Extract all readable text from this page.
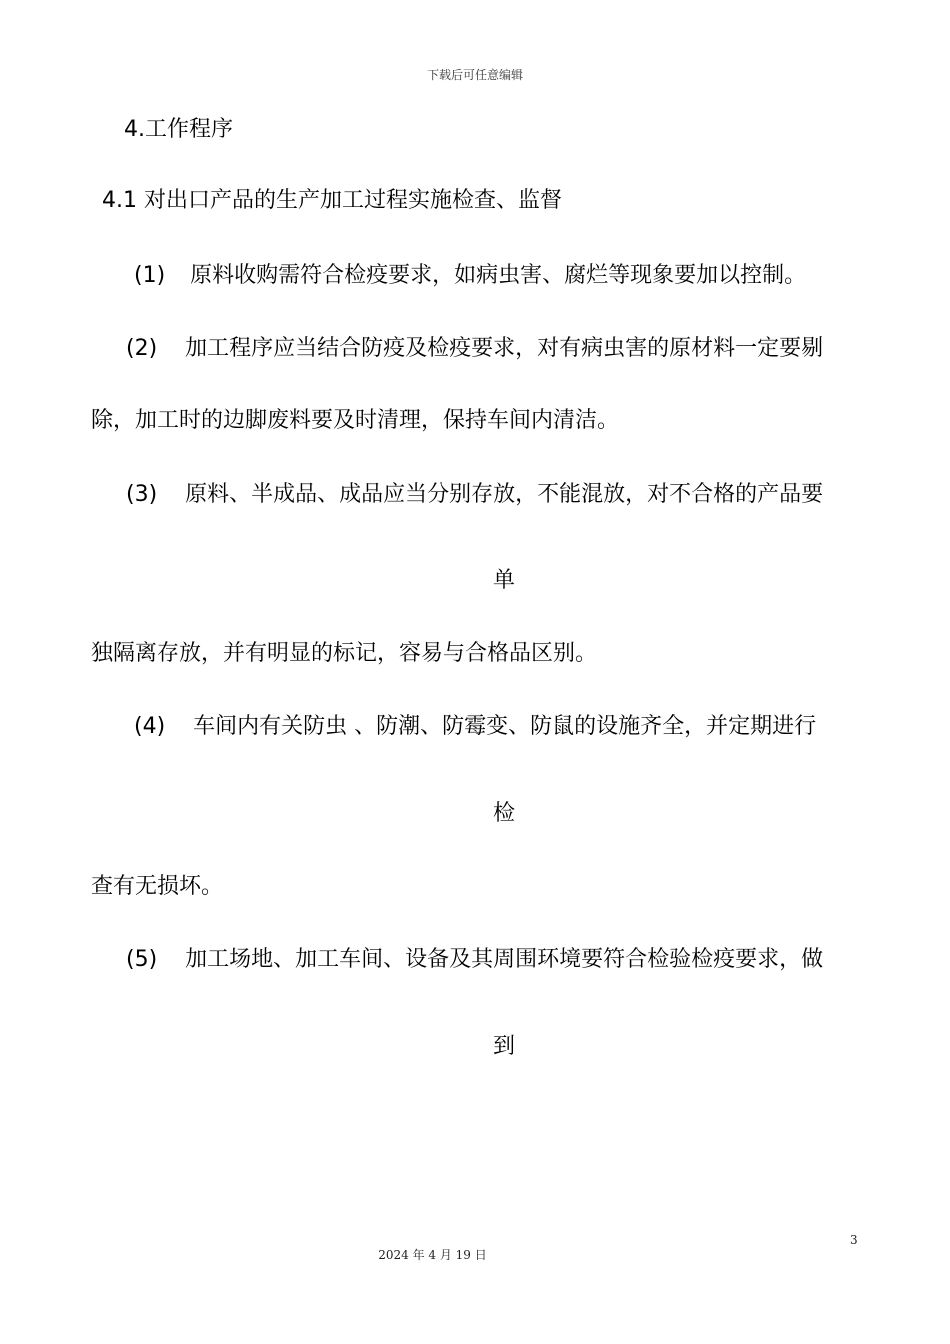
下载后可任意编辑
4.工作程序
4.1 对出口产品的生产加工过程实施检查、监督
(1) 原料收购需符合检疫要求，如病虫害、腐烂等现象要加以控制。
(2) 加工程序应当结合防疫及检疫要求，对有病虫害的原材料一定要剔
除，加工时的边脚废料要及时清理，保持车间内清洁。
(3) 原料、半成品、成品应当分别存放，不能混放，对不合格的产品要
单
独隔离存放，并有明显的标记，容易与合格品区别。
(4) 车间内有关防虫 、防潮、防霉变、防鼠的设施齐全，并定期进行
检
查有无损坏。
(5) 加工场地、加工车间、设备及其周围环境要符合检验检疫要求，做
到
3
2024 年 4 月 19 日
